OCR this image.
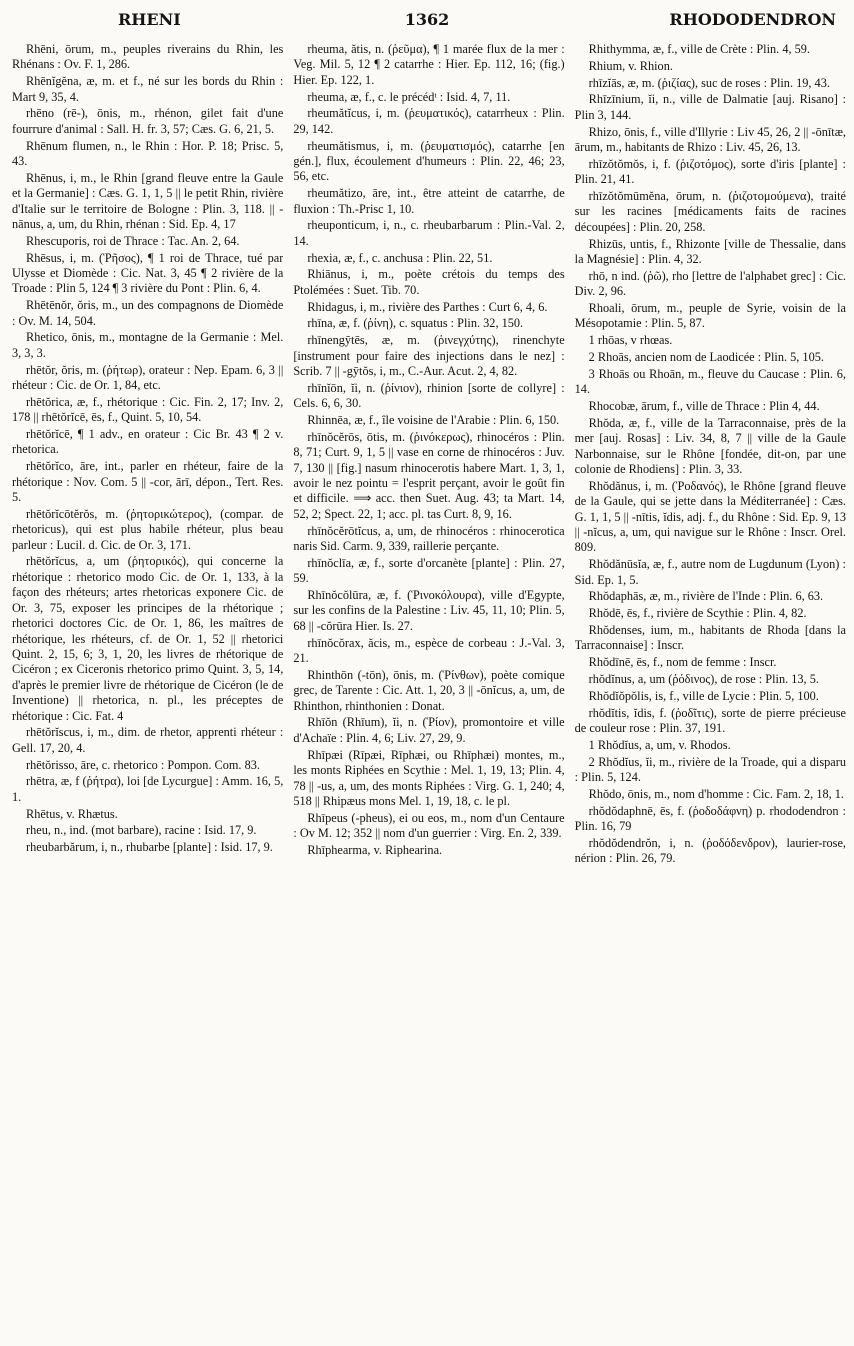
RHENI	1362	RHODODENDRON

Rhēni, ōrum, m., peuples riverains du Rhin, les Rhénans : Ov. F. 1, 286.

Rhēnĭgĕna, æ, m. et f., né sur les bords du Rhin : Mart 9, 35, 4.

rhēno (rē-), ōnis, m., rhénon, gilet fait d'une fourrure d'animal : Sall. H. fr. 3, 57; Cæs. G. 6, 21, 5.

Rhēnum flumen, n., le Rhin : Hor. P. 18; Prisc. 5, 43.

Rhēnus, i, m., le Rhin [grand fleuve entre la Gaule et la Germanie] : Cæs. G. 1, 1, 5 || le petit Rhin, rivière d'Italie sur le territoire de Bologne : Plin. 3, 118. || -nānus, a, um, du Rhin, rhénan : Sid. Ep. 4, 17

Rhescuporis, roi de Thrace : Tac. An. 2, 64.

Rhēsus, i, m. (Ῥῆσος), ¶ 1 roi de Thrace, tué par Ulysse et Diomède : Cic. Nat. 3, 45 ¶ 2 rivière de la Troade : Plin 5, 124 ¶ 3 rivière du Pont : Plin. 6, 4.

Rhētēnŏr, ŏris, m., un des compagnons de Diomède : Ov. M. 14, 504.

Rhetico, ōnis, m., montagne de la Germanie : Mel. 3, 3, 3.

rhētŏr, ŏris, m. (ῥήτωρ), orateur : Nep. Epam. 6, 3 || rhéteur : Cic. de Or. 1, 84, etc.

rhētŏrica, æ, f., rhétorique : Cic. Fin. 2, 17; Inv. 2, 178 || rhētŏrĭcē, ēs, f., Quint. 5, 10, 54.

rhētŏrĭcē, ¶ 1 adv., en orateur : Cic Br. 43 ¶ 2 v. rhetorica.

rhētŏrĭco, āre, int., parler en rhéteur, faire de la rhétorique : Nov. Com. 5 || -cor, ārī, dépon., Tert. Res. 5.

rhētŏrĭcōtĕrŏs, m. (ῥητορικώτερος), (compar. de rhetoricus), qui est plus habile rhéteur, plus beau parleur : Lucil. d. Cic. de Or. 3, 171.

rhētŏrĭcus, a, um (ῥητορικός), qui concerne la rhétorique : rhetorico modo Cic. de Or. 1, 133, à la façon des rhéteurs; artes rhetoricas exponere Cic. de Or. 3, 75, exposer les principes de la rhétorique ; rhetorici doctores Cic. de Or. 1, 86, les maîtres de rhétorique, les rhéteurs, cf. de Or. 1, 52 || rhetorici Quint. 2, 15, 6; 3, 1, 20, les livres de rhétorique de Cicéron ; ex Ciceronis rhetorico primo Quint. 3, 5, 14, d'après le premier livre de rhétorique de Cicéron (le de Inventione) || rhetorica, n. pl., les préceptes de rhétorique : Cic. Fat. 4

rhētŏrĭscus, i, m., dim. de rhetor, apprenti rhéteur : Gell. 17, 20, 4.

rhētŏrisso, āre, c. rhetorico : Pompon. Com. 83.

rhētra, æ, f (ῥήτρα), loi [de Lycurgue] : Amm. 16, 5, 1.

Rhētus, v. Rhætus.

rheu, n., ind. (mot barbare), racine : Isid. 17, 9.

rheubarbărum, i, n., rhubarbe [plante] : Isid. 17, 9.

rheuma, ătis, n. (ῥεῦμα), ¶ 1 marée flux de la mer : Veg. Mil. 5, 12 ¶ 2 catarrhe : Hier. Ep. 112, 16; (fig.) Hier. Ep. 122, 1.

rheuma, æ, f., c. le précédᵗ : Isid. 4, 7, 11.

rheumătĭcus, i, m. (ῥευματικός), catarrheux : Plin. 29, 142.

rheumătismus, i, m. (ῥευματισμός), catarrhe [en gén.], flux, écoulement d'humeurs : Plin. 22, 46; 23, 56, etc.

rheumătizo, āre, int., être atteint de catarrhe, de fluxion : Th.-Prisc 1, 10.

rheuponticum, i, n., c. rheubarbarum : Plin.-Val. 2, 14.

rhexia, æ, f., c. anchusa : Plin. 22, 51.

Rhiānus, i, m., poète crétois du temps des Ptolémées : Suet. Tib. 70.

Rhidagus, i, m., rivière des Parthes : Curt 6, 4, 6.

rhīna, æ, f. (ῥίνη), c. squatus : Plin. 32, 150.

rhīnengȳtēs, æ, m. (ῥινεγχύτης), rinenchyte [instrument pour faire des injections dans le nez] : Scrib. 7 || -gȳtŏs, i, m., C.-Aur. Acut. 2, 4, 82.

rhīnĭōn, ĭi, n. (ῥίνιον), rhinion [sorte de collyre] : Cels. 6, 6, 30.

Rhinnēa, æ, f., île voisine de l'Arabie : Plin. 6, 150.

rhīnŏcĕrōs, ōtis, m. (ῥινόκερως), rhinocéros : Plin. 8, 71; Curt. 9, 1, 5 || vase en corne de rhinocéros : Juv. 7, 130 || [fig.] nasum rhinocerotis habere Mart. 1, 3, 1, avoir le nez pointu = l'esprit perçant, avoir le goût fin et difficile. ⟹ acc. then Suet. Aug. 43; ta Mart. 14, 52, 2; Spect. 22, 1; acc. pl. tas Curt. 8, 9, 16.

rhīnŏcĕrōtĭcus, a, um, de rhinocéros : rhinocerotica naris Sid. Carm. 9, 339, raillerie perçante.

rhīnŏclīa, æ, f., sorte d'orcanète [plante] : Plin. 27, 59.

Rhīnŏcŏlūra, æ, f. (Ῥινοκόλουρα), ville d'Egypte, sur les confins de la Palestine : Liv. 45, 11, 10; Plin. 5, 68 || -cŏrūra Hier. Is. 27.

rhīnŏcŏrax, ăcis, m., espèce de corbeau : J.-Val. 3, 21.

Rhinthōn (-tōn), ōnis, m. (Ῥίνθων), poète comique grec, de Tarente : Cic. Att. 1, 20, 3 || -ōnĭcus, a, um, de Rhinthon, rhinthonien : Donat.

Rhīŏn (Rhīum), ĭi, n. (Ῥίον), promontoire et ville d'Achaïe : Plin. 4, 6; Liv. 27, 29, 9.

Rhīpæi (Rīpæi, Rīphæi, ou Rhīphæi) montes, m., les monts Riphées en Scythie : Mel. 1, 19, 13; Plin. 4, 78 || -us, a, um, des monts Riphées : Virg. G. 1, 240; 4, 518 || Rhipæus mons Mel. 1, 19, 18, c. le pl.

Rhīpeus (-pheus), ei ou eos, m., nom d'un Centaure : Ov M. 12; 352 || nom d'un guerrier : Virg. En. 2, 339.

Rhīphearma, v. Riphearina.

Rhithymma, æ, f., ville de Crète : Plin. 4, 59.

Rhium, v. Rhion.

rhīzĭās, æ, m. (ῥιζίας), suc de roses : Plin. 19, 43.

Rhīzīnium, ĭi, n., ville de Dalmatie [auj. Risano] : Plin 3, 144.

Rhizo, ōnis, f., ville d'Illyrie : Liv 45, 26, 2 || -ōnītæ, ārum, m., habitants de Rhizo : Liv. 45, 26, 13.

rhīzŏtŏmŏs, i, f. (ῥιζοτόμος), sorte d'iris [plante] : Plin. 21, 41.

rhīzŏtŏmūmĕna, ōrum, n. (ῥιζοτομούμενα), traité sur les racines [médicaments faits de racines découpées] : Plin. 20, 258.

Rhizūs, untis, f., Rhizonte [ville de Thessalie, dans la Magnésie] : Plin. 4, 32.

rhō, n ind. (ῥῶ), rho [lettre de l'alphabet grec] : Cic. Div. 2, 96.

Rhoali, ōrum, m., peuple de Syrie, voisin de la Mésopotamie : Plin. 5, 87.

1 rhōas, v rhœas.

2 Rhoās, ancien nom de Laodicée : Plin. 5, 105.

3 Rhoās ou Rhoān, m., fleuve du Caucase : Plin. 6, 14.

Rhocobæ, ārum, f., ville de Thrace : Plin 4, 44.

Rhŏda, æ, f., ville de la Tarraconnaise, près de la mer [auj. Rosas] : Liv. 34, 8, 7 || ville de la Gaule Narbonnaise, sur le Rhône [fondée, dit-on, par une colonie de Rhodiens] : Plin. 3, 33.

Rhŏdănus, i, m. (Ῥοδανός), le Rhône [grand fleuve de la Gaule, qui se jette dans la Méditerranée] : Cæs. G. 1, 1, 5 || -nītis, ĭdis, adj. f., du Rhône : Sid. Ep. 9, 13 || -nĭcus, a, um, qui navigue sur le Rhône : Inscr. Orel. 809.

Rhŏdănūsĭa, æ, f., autre nom de Lugdunum (Lyon) : Sid. Ep. 1, 5.

Rhŏdaphās, æ, m., rivière de l'Inde : Plin. 6, 63.

Rhŏdē, ēs, f., rivière de Scythie : Plin. 4, 82.

Rhŏdenses, ium, m., habitants de Rhoda [dans la Tarraconnaise] : Inscr.

Rhŏdīnē, ēs, f., nom de femme : Inscr.

rhŏdĭnus, a, um (ῥόδινος), de rose : Plin. 13, 5.

Rhŏdĭŏpŏlis, is, f., ville de Lycie : Plin. 5, 100.

rhŏdĭtis, ĭdis, f. (ῥοδῖτις), sorte de pierre précieuse de couleur rose : Plin. 37, 191.

1 Rhŏdĭus, a, um, v. Rhodos.

2 Rhŏdĭus, ĭi, m., rivière de la Troade, qui a disparu : Plin. 5, 124.

Rhŏdo, ōnis, m., nom d'homme : Cic. Fam. 2, 18, 1.

rhŏdŏdaphnē, ēs, f. (ῥοδοδάφνη) p. rhododendron : Plin. 16, 79

rhŏdŏdendrŏn, i, n. (ῥοδόδενδρον), laurier-rose, nérion : Plin. 26, 79.
